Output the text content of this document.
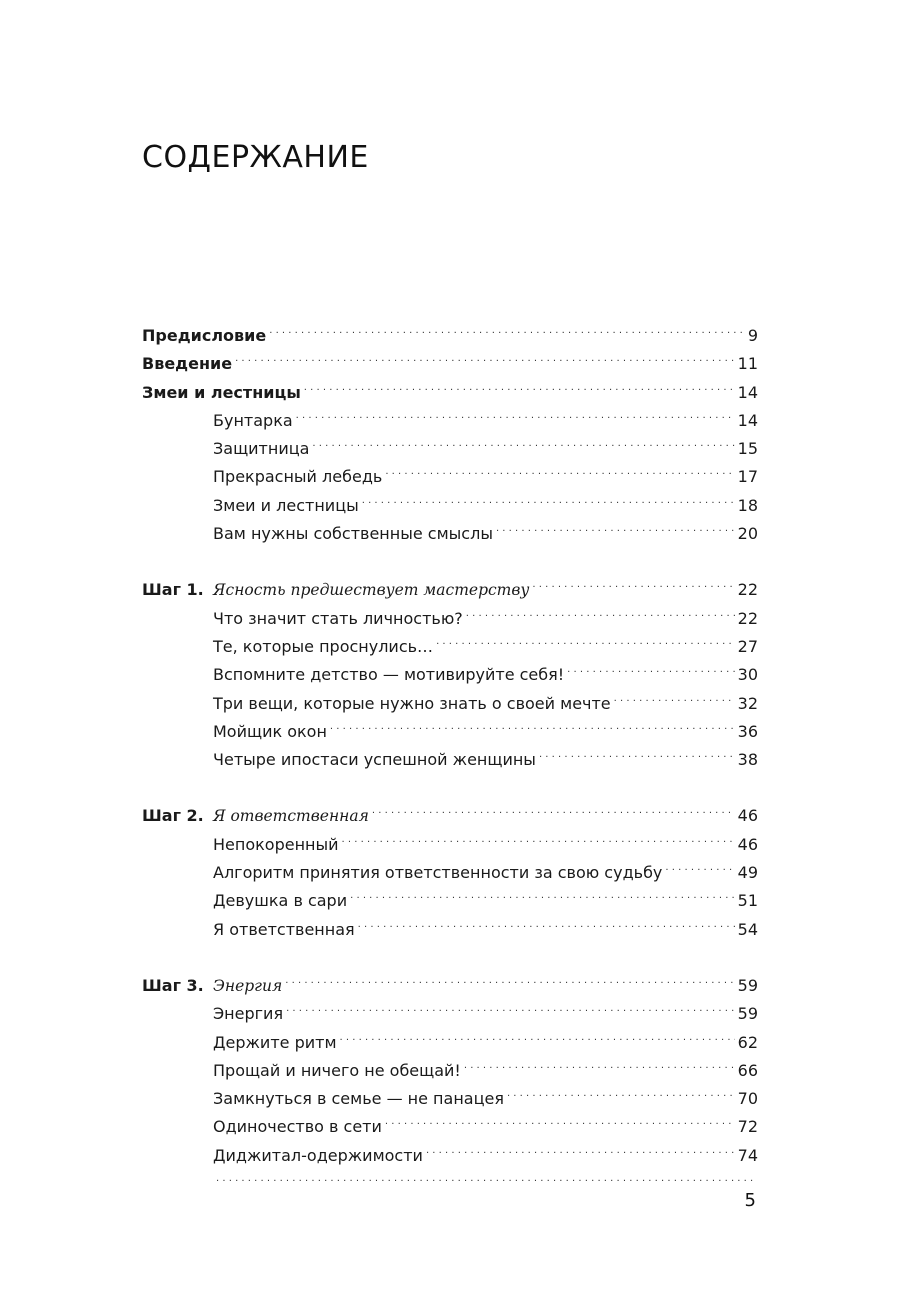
СОДЕРЖАНИЕ
Предисловие . . .	9
Введение . . .	11
Змеи и лестницы . . .	14
Бунтарка . . .	14
Защитница . . .	15
Прекрасный лебедь . . .	17
Змеи и лестницы . . .	18
Вам нужны собственные смыслы . . .	20
Шаг 1. Ясность предшествует мастерству . . .	22
Что значит стать личностью? . . .	22
Те, которые проснулись… . . .	27
Вспомните детство — мотивируйте себя! . . .	30
Три вещи, которые нужно знать о своей мечте . . .	32
Мойщик окон . . .	36
Четыре ипостаси успешной женщины . . .	38
Шаг 2. Я ответственная . . .	46
Непокоренный . . .	46
Алгоритм принятия ответственности за свою судьбу . . .	49
Девушка в сари . . .	51
Я ответственная . . .	54
Шаг 3. Энергия . . .	59
Энергия . . .	59
Держите ритм . . .	62
Прощай и ничего не обещай! . . .	66
Замкнуться в семье — не панацея . . .	70
Одиночество в сети . . .	72
Диджитал-одержимости . . .	74
. . .
5
